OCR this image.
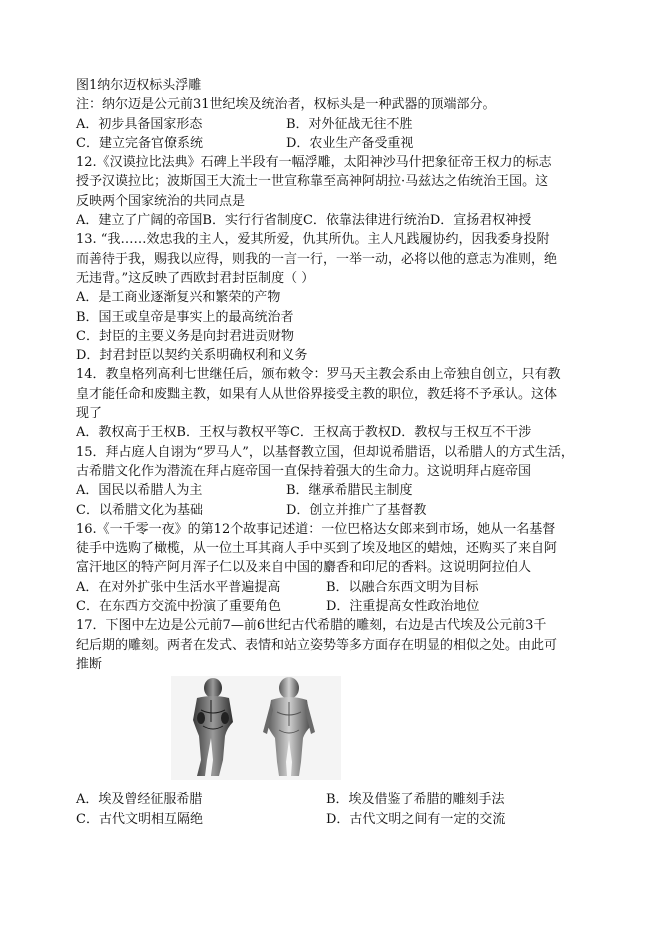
图1纳尔迈权标头浮雕
注：纳尔迈是公元前31世纪埃及统治者，权标头是一种武器的顶端部分。
A．初步具备国家形态	B．对外征战无往不胜
C．建立完备官僚系统	D．农业生产备受重视
12.《汉谟拉比法典》石碑上半段有一幅浮雕，太阳神沙马什把象征帝王权力的标志
授予汉谟拉比；波斯国王大流士一世宣称靠至高神阿胡拉·马兹达之佑统治王国。这
反映两个国家统治的共同点是
A．建立了广阔的帝国B．实行行省制度C．依靠法律进行统治D．宣扬君权神授
13. “我……效忠我的主人，爱其所爱，仇其所仇。主人凡践履协约，因我委身投附
而善待于我，赐我以应得，则我的一言一行，一举一动，必将以他的意志为准则，绝
无违背。”这反映了西欧封君封臣制度（ ）
A．是工商业逐渐复兴和繁荣的产物
B．国王或皇帝是事实上的最高统治者
C．封臣的主要义务是向封君进贡财物
D．封君封臣以契约关系明确权利和义务
14．教皇格列高利七世继任后，颁布敕令：罗马天主教会系由上帝独自创立，只有教
皇才能任命和废黜主教，如果有人从世俗界接受主教的职位，教廷将不予承认。这体
现了
A．教权高于王权B．王权与教权平等C．王权高于教权D．教权与王权互不干涉
15．拜占庭人自诩为“罗马人”，以基督教立国，但却说希腊语，以希腊人的方式生活，
古希腊文化作为潜流在拜占庭帝国一直保持着强大的生命力。这说明拜占庭帝国
A．国民以希腊人为主	B．继承希腊民主制度
C．以希腊文化为基础	D．创立并推广了基督教
16.《一千零一夜》的第12个故事记述道：一位巴格达女郎来到市场，她从一名基督
徒手中选购了橄榄，从一位土耳其商人手中买到了埃及地区的蜡烛，还购买了来自阿
富汗地区的特产阿月浑子仁以及来自中国的麝香和印尼的香料。这说明阿拉伯人
A．在对外扩张中生活水平普遍提高	B．以融合东西文明为目标
C．在东西方交流中扮演了重要角色	D．注重提高女性政治地位
17．下图中左边是公元前7—前6世纪古代希腊的雕刻，右边是古代埃及公元前3千
纪后期的雕刻。两者在发式、表情和站立姿势等多方面存在明显的相似之处。由此可
推断
A．埃及曾经征服希腊	B．埃及借鉴了希腊的雕刻手法
C．古代文明相互隔绝	D．古代文明之间有一定的交流
